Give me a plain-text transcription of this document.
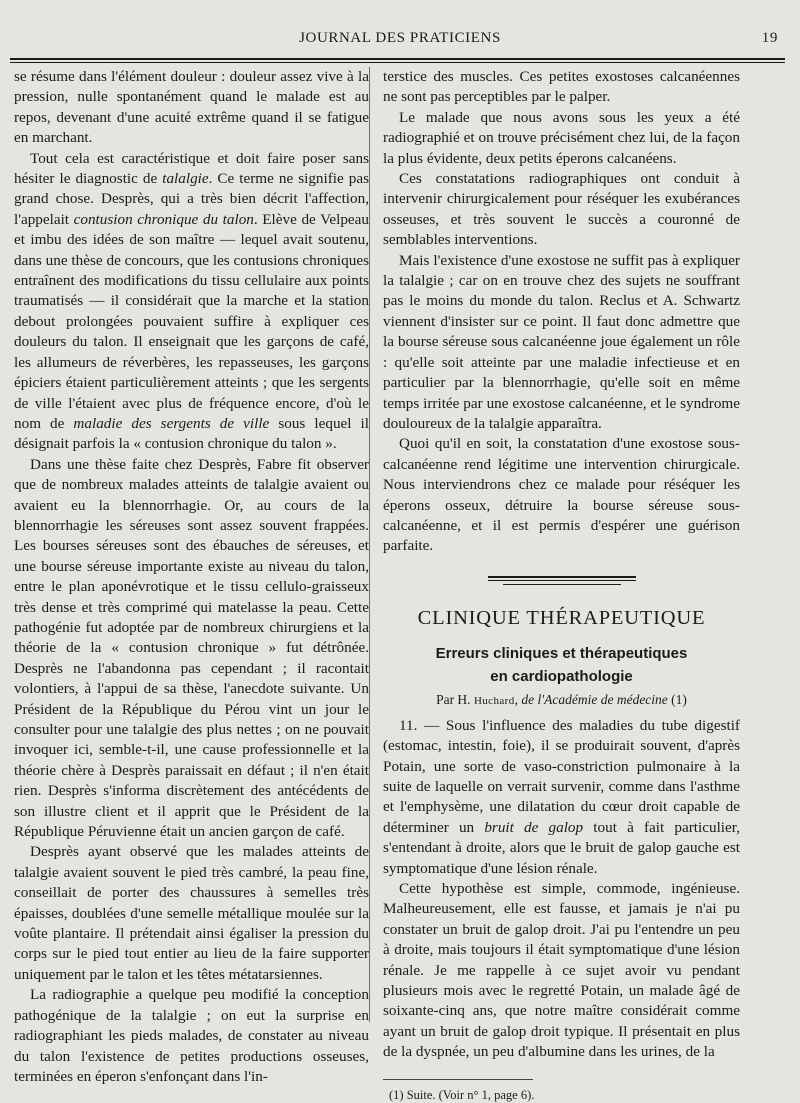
JOURNAL DES PRATICIENS	19

se résume dans l'élément douleur : douleur assez vive à la pression, nulle spontanément quand le malade est au repos, devenant d'une acuité extrême quand il se fatigue en marchant.

Tout cela est caractéristique et doit faire poser sans hésiter le diagnostic de talalgie. Ce terme ne signifie pas grand chose. Desprès, qui a très bien décrit l'affection, l'appelait contusion chronique du talon. Elève de Velpeau et imbu des idées de son maître — lequel avait soutenu, dans une thèse de concours, que les contusions chroniques entraînent des modifications du tissu cellulaire aux points traumatisés — il considérait que la marche et la station debout prolongées pouvaient suffire à expliquer ces douleurs du talon. Il enseignait que les garçons de café, les allumeurs de réverbères, les repasseuses, les garçons épiciers étaient particulièrement atteints ; que les sergents de ville l'étaient avec plus de fréquence encore, d'où le nom de maladie des sergents de ville sous lequel il désignait parfois la « contusion chronique du talon ».

Dans une thèse faite chez Desprès, Fabre fit observer que de nombreux malades atteints de talalgie avaient ou avaient eu la blennorrhagie. Or, au cours de la blennorrhagie les séreuses sont assez souvent frappées. Les bourses séreuses sont des ébauches de séreuses, et une bourse séreuse importante existe au niveau du talon, entre le plan aponévrotique et le tissu cellulo-graisseux très dense et très comprimé qui matelasse la peau. Cette pathogénie fut adoptée par de nombreux chirurgiens et la théorie de la « contusion chronique » fut détrônée. Desprès ne l'abandonna pas cependant ; il racontait volontiers, à l'appui de sa thèse, l'anecdote suivante. Un Président de la République du Pérou vint un jour le consulter pour une talalgie des plus nettes ; on ne pouvait invoquer ici, semble-t-il, une cause professionnelle et la théorie chère à Desprès paraissait en défaut ; il n'en était rien. Desprès s'informa discrètement des antécédents de son illustre client et il apprit que le Président de la République Péruvienne était un ancien garçon de café.

Desprès ayant observé que les malades atteints de talalgie avaient souvent le pied très cambré, la peau fine, conseillait de porter des chaussures à semelles très épaisses, doublées d'une semelle métallique moulée sur la voûte plantaire. Il prétendait ainsi égaliser la pression du corps sur le pied tout entier au lieu de la faire supporter uniquement par le talon et les têtes métatarsiennes.

La radiographie a quelque peu modifié la conception pathogénique de la talalgie ; on eut la surprise en radiographiant les pieds malades, de constater au niveau du talon l'existence de petites productions osseuses, terminées en éperon s'enfonçant dans l'in-

terstice des muscles. Ces petites exostoses calcanéennes ne sont pas perceptibles par le palper.

Le malade que nous avons sous les yeux a été radiographié et on trouve précisément chez lui, de la façon la plus évidente, deux petits éperons calcanéens.

Ces constatations radiographiques ont conduit à intervenir chirurgicalement pour réséquer les exubérances osseuses, et très souvent le succès a couronné de semblables interventions.

Mais l'existence d'une exostose ne suffit pas à expliquer la talalgie ; car on en trouve chez des sujets ne souffrant pas le moins du monde du talon. Reclus et A. Schwartz viennent d'insister sur ce point. Il faut donc admettre que la bourse séreuse sous calcanéenne joue également un rôle : qu'elle soit atteinte par une maladie infectieuse et en particulier par la blennorrhagie, qu'elle soit en même temps irritée par une exostose calcanéenne, et le syndrome douloureux de la talalgie apparaîtra.

Quoi qu'il en soit, la constatation d'une exostose sous-calcanéenne rend légitime une intervention chirurgicale. Nous interviendrons chez ce malade pour réséquer les éperons osseux, détruire la bourse séreuse sous-calcanéenne, et il est permis d'espérer une guérison parfaite.

CLINIQUE THÉRAPEUTIQUE
Erreurs cliniques et thérapeutiques
en cardiopathologie
Par H. Huchard, de l'Académie de médecine (1)

11. — Sous l'influence des maladies du tube digestif (estomac, intestin, foie), il se produirait souvent, d'après Potain, une sorte de vaso-constriction pulmonaire à la suite de laquelle on verrait survenir, comme dans l'asthme et l'emphysème, une dilatation du cœur droit capable de déterminer un bruit de galop tout à fait particulier, s'entendant à droite, alors que le bruit de galop gauche est symptomatique d'une lésion rénale.

Cette hypothèse est simple, commode, ingénieuse. Malheureusement, elle est fausse, et jamais je n'ai pu constater un bruit de galop droit. J'ai pu l'entendre un peu à droite, mais toujours il était symptomatique d'une lésion rénale. Je me rappelle à ce sujet avoir vu pendant plusieurs mois avec le regretté Potain, un malade âgé de soixante-cinq ans, que notre maître considérait comme ayant un bruit de galop droit typique. Il présentait en plus de la dyspnée, un peu d'albumine dans les urines, de la

(1) Suite. (Voir n° 1, page 6).
